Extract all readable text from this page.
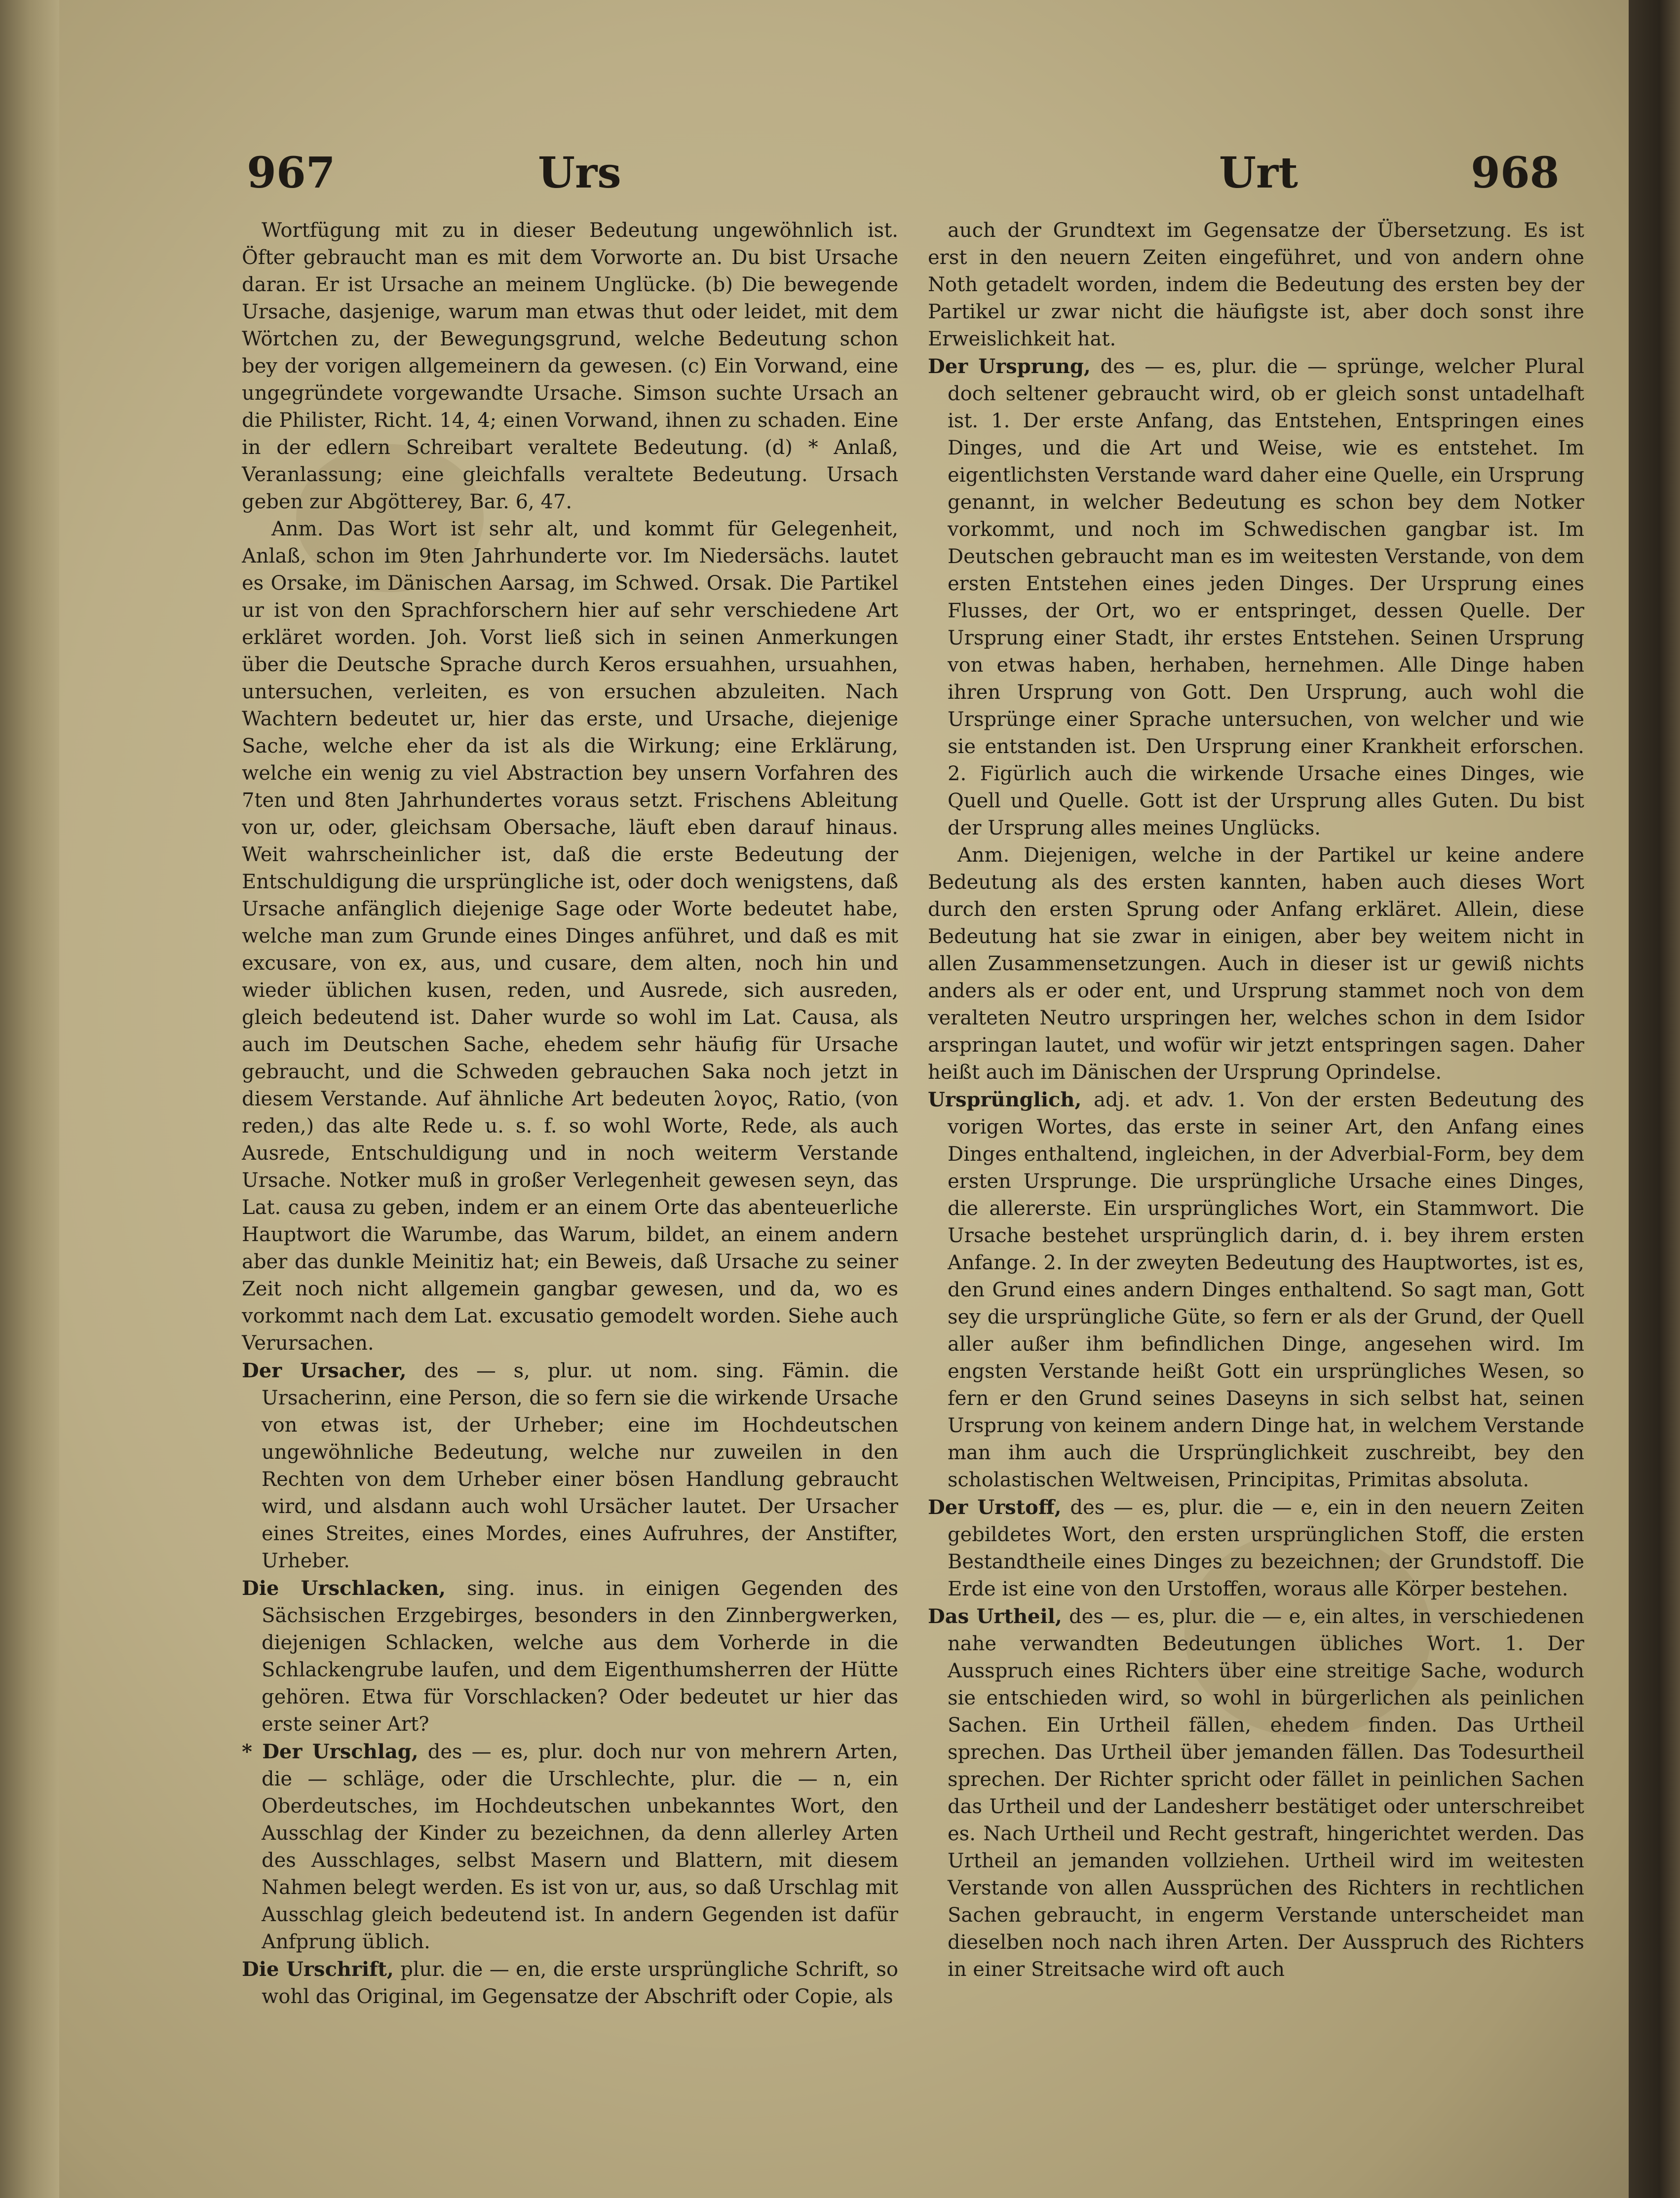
967	Urs	Urt	968

Wortfügung mit zu in dieser Bedeutung ungewöhnlich ist. Öfter gebraucht man es mit dem Vorworte an. Du bist Ursache daran. Er ist Ursache an meinem Unglücke. (b) Die bewegende Ursache, dasjenige, warum man etwas thut oder leidet, mit dem Wörtchen zu, der Bewegungsgrund, welche Bedeutung schon bey der vorigen allgemeinern da gewesen. (c) Ein Vorwand, eine ungegründete vorgewandte Ursache. Simson suchte Ursach an die Philister, Richt. 14, 4; einen Vorwand, ihnen zu schaden. Eine in der edlern Schreibart veraltete Bedeutung. (d) * Anlaß, Veranlassung; eine gleichfalls veraltete Bedeutung. Ursach geben zur Abgötterey, Bar. 6, 47.

Anm. Das Wort ist sehr alt, und kommt für Gelegenheit, Anlaß, schon im 9ten Jahrhunderte vor. Im Niedersächs. lautet es Orsake, im Dänischen Aarsag, im Schwed. Orsak. Die Partikel ur ist von den Sprachforschern hier auf sehr verschiedene Art erkläret worden. Joh. Vorst ließ sich in seinen Anmerkungen über die Deutsche Sprache durch Keros ersuahhen, ursuahhen, untersuchen, verleiten, es von ersuchen abzuleiten. Nach Wachtern bedeutet ur, hier das erste, und Ursache, diejenige Sache, welche eher da ist als die Wirkung; eine Erklärung, welche ein wenig zu viel Abstraction bey unsern Vorfahren des 7ten und 8ten Jahrhundertes voraus setzt. Frischens Ableitung von ur, oder, gleichsam Obersache, läuft eben darauf hinaus. Weit wahrscheinlicher ist, daß die erste Bedeutung der Entschuldigung die ursprüngliche ist, oder doch wenigstens, daß Ursache anfänglich diejenige Sage oder Worte bedeutet habe, welche man zum Grunde eines Dinges anführet, und daß es mit excusare, von ex, aus, und cusare, dem alten, noch hin und wieder üblichen kusen, reden, und Ausrede, sich ausreden, gleich bedeutend ist. Daher wurde so wohl im Lat. Causa, als auch im Deutschen Sache, ehedem sehr häufig für Ursache gebraucht, und die Schweden gebrauchen Saka noch jetzt in diesem Verstande. Auf ähnliche Art bedeuten λογος, Ratio, (von reden,) das alte Rede u. s. f. so wohl Worte, Rede, als auch Ausrede, Entschuldigung und in noch weiterm Verstande Ursache. Notker muß in großer Verlegenheit gewesen seyn, das Lat. causa zu geben, indem er an einem Orte das abenteuerliche Hauptwort die Warumbe, das Warum, bildet, an einem andern aber das dunkle Meinitiz hat; ein Beweis, daß Ursache zu seiner Zeit noch nicht allgemein gangbar gewesen, und da, wo es vorkommt nach dem Lat. excusatio gemodelt worden. Siehe auch Verursachen.

Der Ursacher, des — s, plur. ut nom. sing. Fämin. die Ursacherinn, eine Person, die so fern sie die wirkende Ursache von etwas ist, der Urheber; eine im Hochdeutschen ungewöhnliche Bedeutung, welche nur zuweilen in den Rechten von dem Urheber einer bösen Handlung gebraucht wird, und alsdann auch wohl Ursächer lautet. Der Ursacher eines Streites, eines Mordes, eines Aufruhres, der Anstifter, Urheber.

Die Urschlacken, sing. inus. in einigen Gegenden des Sächsischen Erzgebirges, besonders in den Zinnbergwerken, diejenigen Schlacken, welche aus dem Vorherde in die Schlackengrube laufen, und dem Eigenthumsherren der Hütte gehören. Etwa für Vorschlacken? Oder bedeutet ur hier das erste seiner Art?

* Der Urschlag, des — es, plur. doch nur von mehrern Arten, die — schläge, oder die Urschlechte, plur. die — n, ein Oberdeutsches, im Hochdeutschen unbekanntes Wort, den Ausschlag der Kinder zu bezeichnen, da denn allerley Arten des Ausschlages, selbst Masern und Blattern, mit diesem Nahmen belegt werden. Es ist von ur, aus, so daß Urschlag mit Ausschlag gleich bedeutend ist. In andern Gegenden ist dafür Anfprung üblich.

Die Urschrift, plur. die — en, die erste ursprüngliche Schrift, so wohl das Original, im Gegensatze der Abschrift oder Copie, als

auch der Grundtext im Gegensatze der Übersetzung. Es ist erst in den neuern Zeiten eingeführet, und von andern ohne Noth getadelt worden, indem die Bedeutung des ersten bey der Partikel ur zwar nicht die häufigste ist, aber doch sonst ihre Erweislichkeit hat.

Der Ursprung, des — es, plur. die — sprünge, welcher Plural doch seltener gebraucht wird, ob er gleich sonst untadelhaft ist. 1. Der erste Anfang, das Entstehen, Entspringen eines Dinges, und die Art und Weise, wie es entstehet. Im eigentlichsten Verstande ward daher eine Quelle, ein Ursprung genannt, in welcher Bedeutung es schon bey dem Notker vorkommt, und noch im Schwedischen gangbar ist. Im Deutschen gebraucht man es im weitesten Verstande, von dem ersten Entstehen eines jeden Dinges. Der Ursprung eines Flusses, der Ort, wo er entspringet, dessen Quelle. Der Ursprung einer Stadt, ihr erstes Entstehen. Seinen Ursprung von etwas haben, herhaben, hernehmen. Alle Dinge haben ihren Ursprung von Gott. Den Ursprung, auch wohl die Ursprünge einer Sprache untersuchen, von welcher und wie sie entstanden ist. Den Ursprung einer Krankheit erforschen. 2. Figürlich auch die wirkende Ursache eines Dinges, wie Quell und Quelle. Gott ist der Ursprung alles Guten. Du bist der Ursprung alles meines Unglücks.

Anm. Diejenigen, welche in der Partikel ur keine andere Bedeutung als des ersten kannten, haben auch dieses Wort durch den ersten Sprung oder Anfang erkläret. Allein, diese Bedeutung hat sie zwar in einigen, aber bey weitem nicht in allen Zusammensetzungen. Auch in dieser ist ur gewiß nichts anders als er oder ent, und Ursprung stammet noch von dem veralteten Neutro urspringen her, welches schon in dem Isidor arspringan lautet, und wofür wir jetzt entspringen sagen. Daher heißt auch im Dänischen der Ursprung Oprindelse.

Ursprünglich, adj. et adv. 1. Von der ersten Bedeutung des vorigen Wortes, das erste in seiner Art, den Anfang eines Dinges enthaltend, ingleichen, in der Adverbial-Form, bey dem ersten Ursprunge. Die ursprüngliche Ursache eines Dinges, die allererste. Ein ursprüngliches Wort, ein Stammwort. Die Ursache bestehet ursprünglich darin, d. i. bey ihrem ersten Anfange. 2. In der zweyten Bedeutung des Hauptwortes, ist es, den Grund eines andern Dinges enthaltend. So sagt man, Gott sey die ursprüngliche Güte, so fern er als der Grund, der Quell aller außer ihm befindlichen Dinge, angesehen wird. Im engsten Verstande heißt Gott ein ursprüngliches Wesen, so fern er den Grund seines Daseyns in sich selbst hat, seinen Ursprung von keinem andern Dinge hat, in welchem Verstande man ihm auch die Ursprünglichkeit zuschreibt, bey den scholastischen Weltweisen, Principitas, Primitas absoluta.

Der Urstoff, des — es, plur. die — e, ein in den neuern Zeiten gebildetes Wort, den ersten ursprünglichen Stoff, die ersten Bestandtheile eines Dinges zu bezeichnen; der Grundstoff. Die Erde ist eine von den Urstoffen, woraus alle Körper bestehen.

Das Urtheil, des — es, plur. die — e, ein altes, in verschiedenen nahe verwandten Bedeutungen übliches Wort. 1. Der Ausspruch eines Richters über eine streitige Sache, wodurch sie entschieden wird, so wohl in bürgerlichen als peinlichen Sachen. Ein Urtheil fällen, ehedem finden. Das Urtheil sprechen. Das Urtheil über jemanden fällen. Das Todesurtheil sprechen. Der Richter spricht oder fället in peinlichen Sachen das Urtheil und der Landesherr bestätiget oder unterschreibet es. Nach Urtheil und Recht gestraft, hingerichtet werden. Das Urtheil an jemanden vollziehen. Urtheil wird im weitesten Verstande von allen Aussprüchen des Richters in rechtlichen Sachen gebraucht, in engerm Verstande unterscheidet man dieselben noch nach ihren Arten. Der Ausspruch des Richters in einer Streitsache wird oft auch
